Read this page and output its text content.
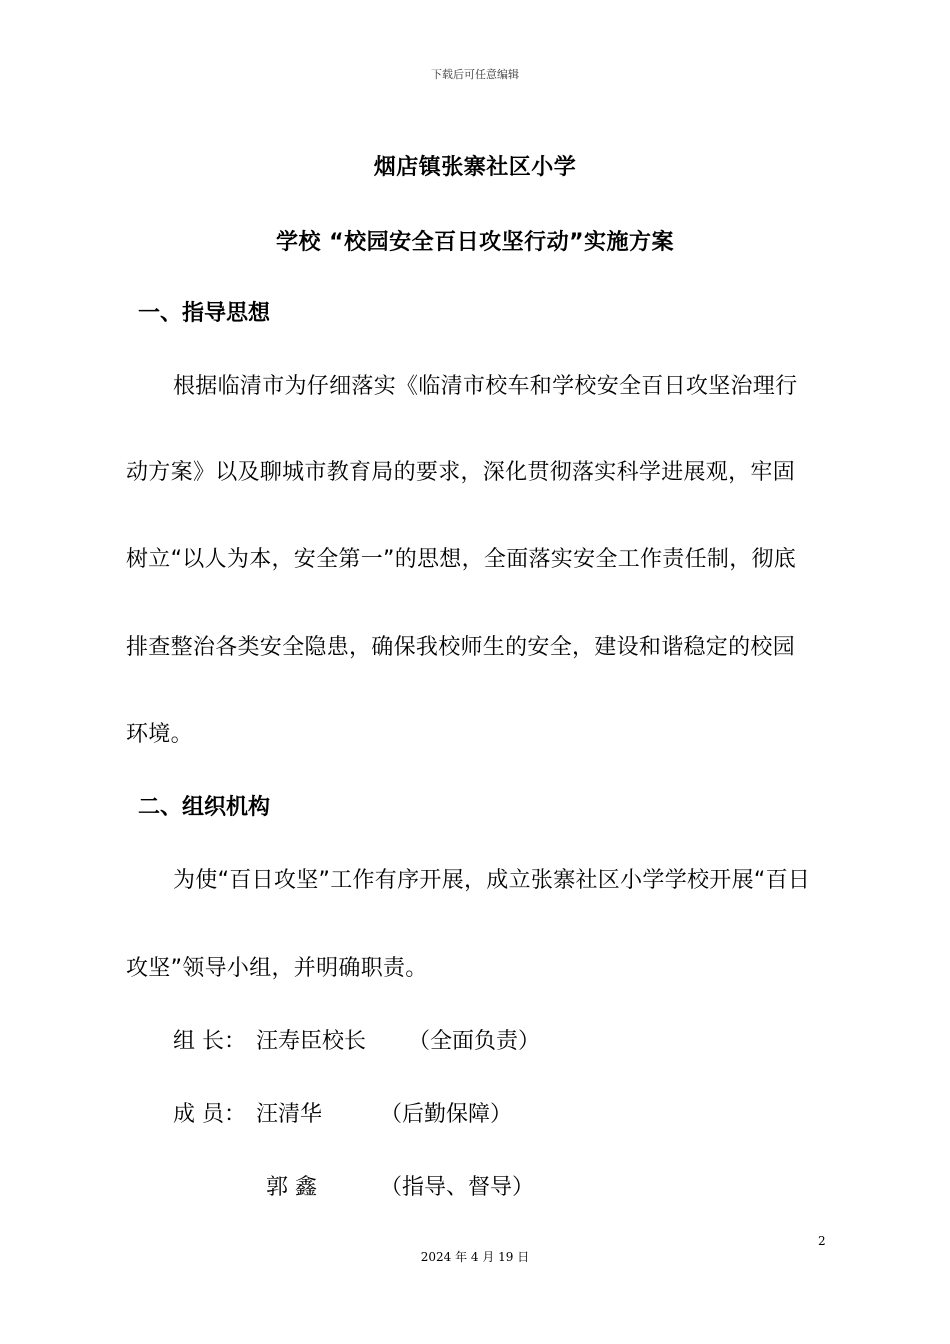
下载后可任意编辑
烟店镇张寨社区小学
学校 “校园安全百日攻坚行动”实施方案
一、指导思想
根据临清市为仔细落实《临清市校车和学校安全百日攻坚治理行
动方案》以及聊城市教育局的要求，深化贯彻落实科学进展观，牢固
树立“以人为本，安全第一”的思想，全面落实安全工作责任制，彻底
排查整治各类安全隐患，确保我校师生的安全，建设和谐稳定的校园
环境。
二、组织机构
为使“百日攻坚”工作有序开展，成立张寨社区小学学校开展“百日
攻坚”领导小组，并明确职责。
组 长： 汪寿臣校长 （全面负责）
成 员： 汪清华	（后勤保障）
郭 鑫	（指导、督导）
2
2024 年 4 月 19 日
